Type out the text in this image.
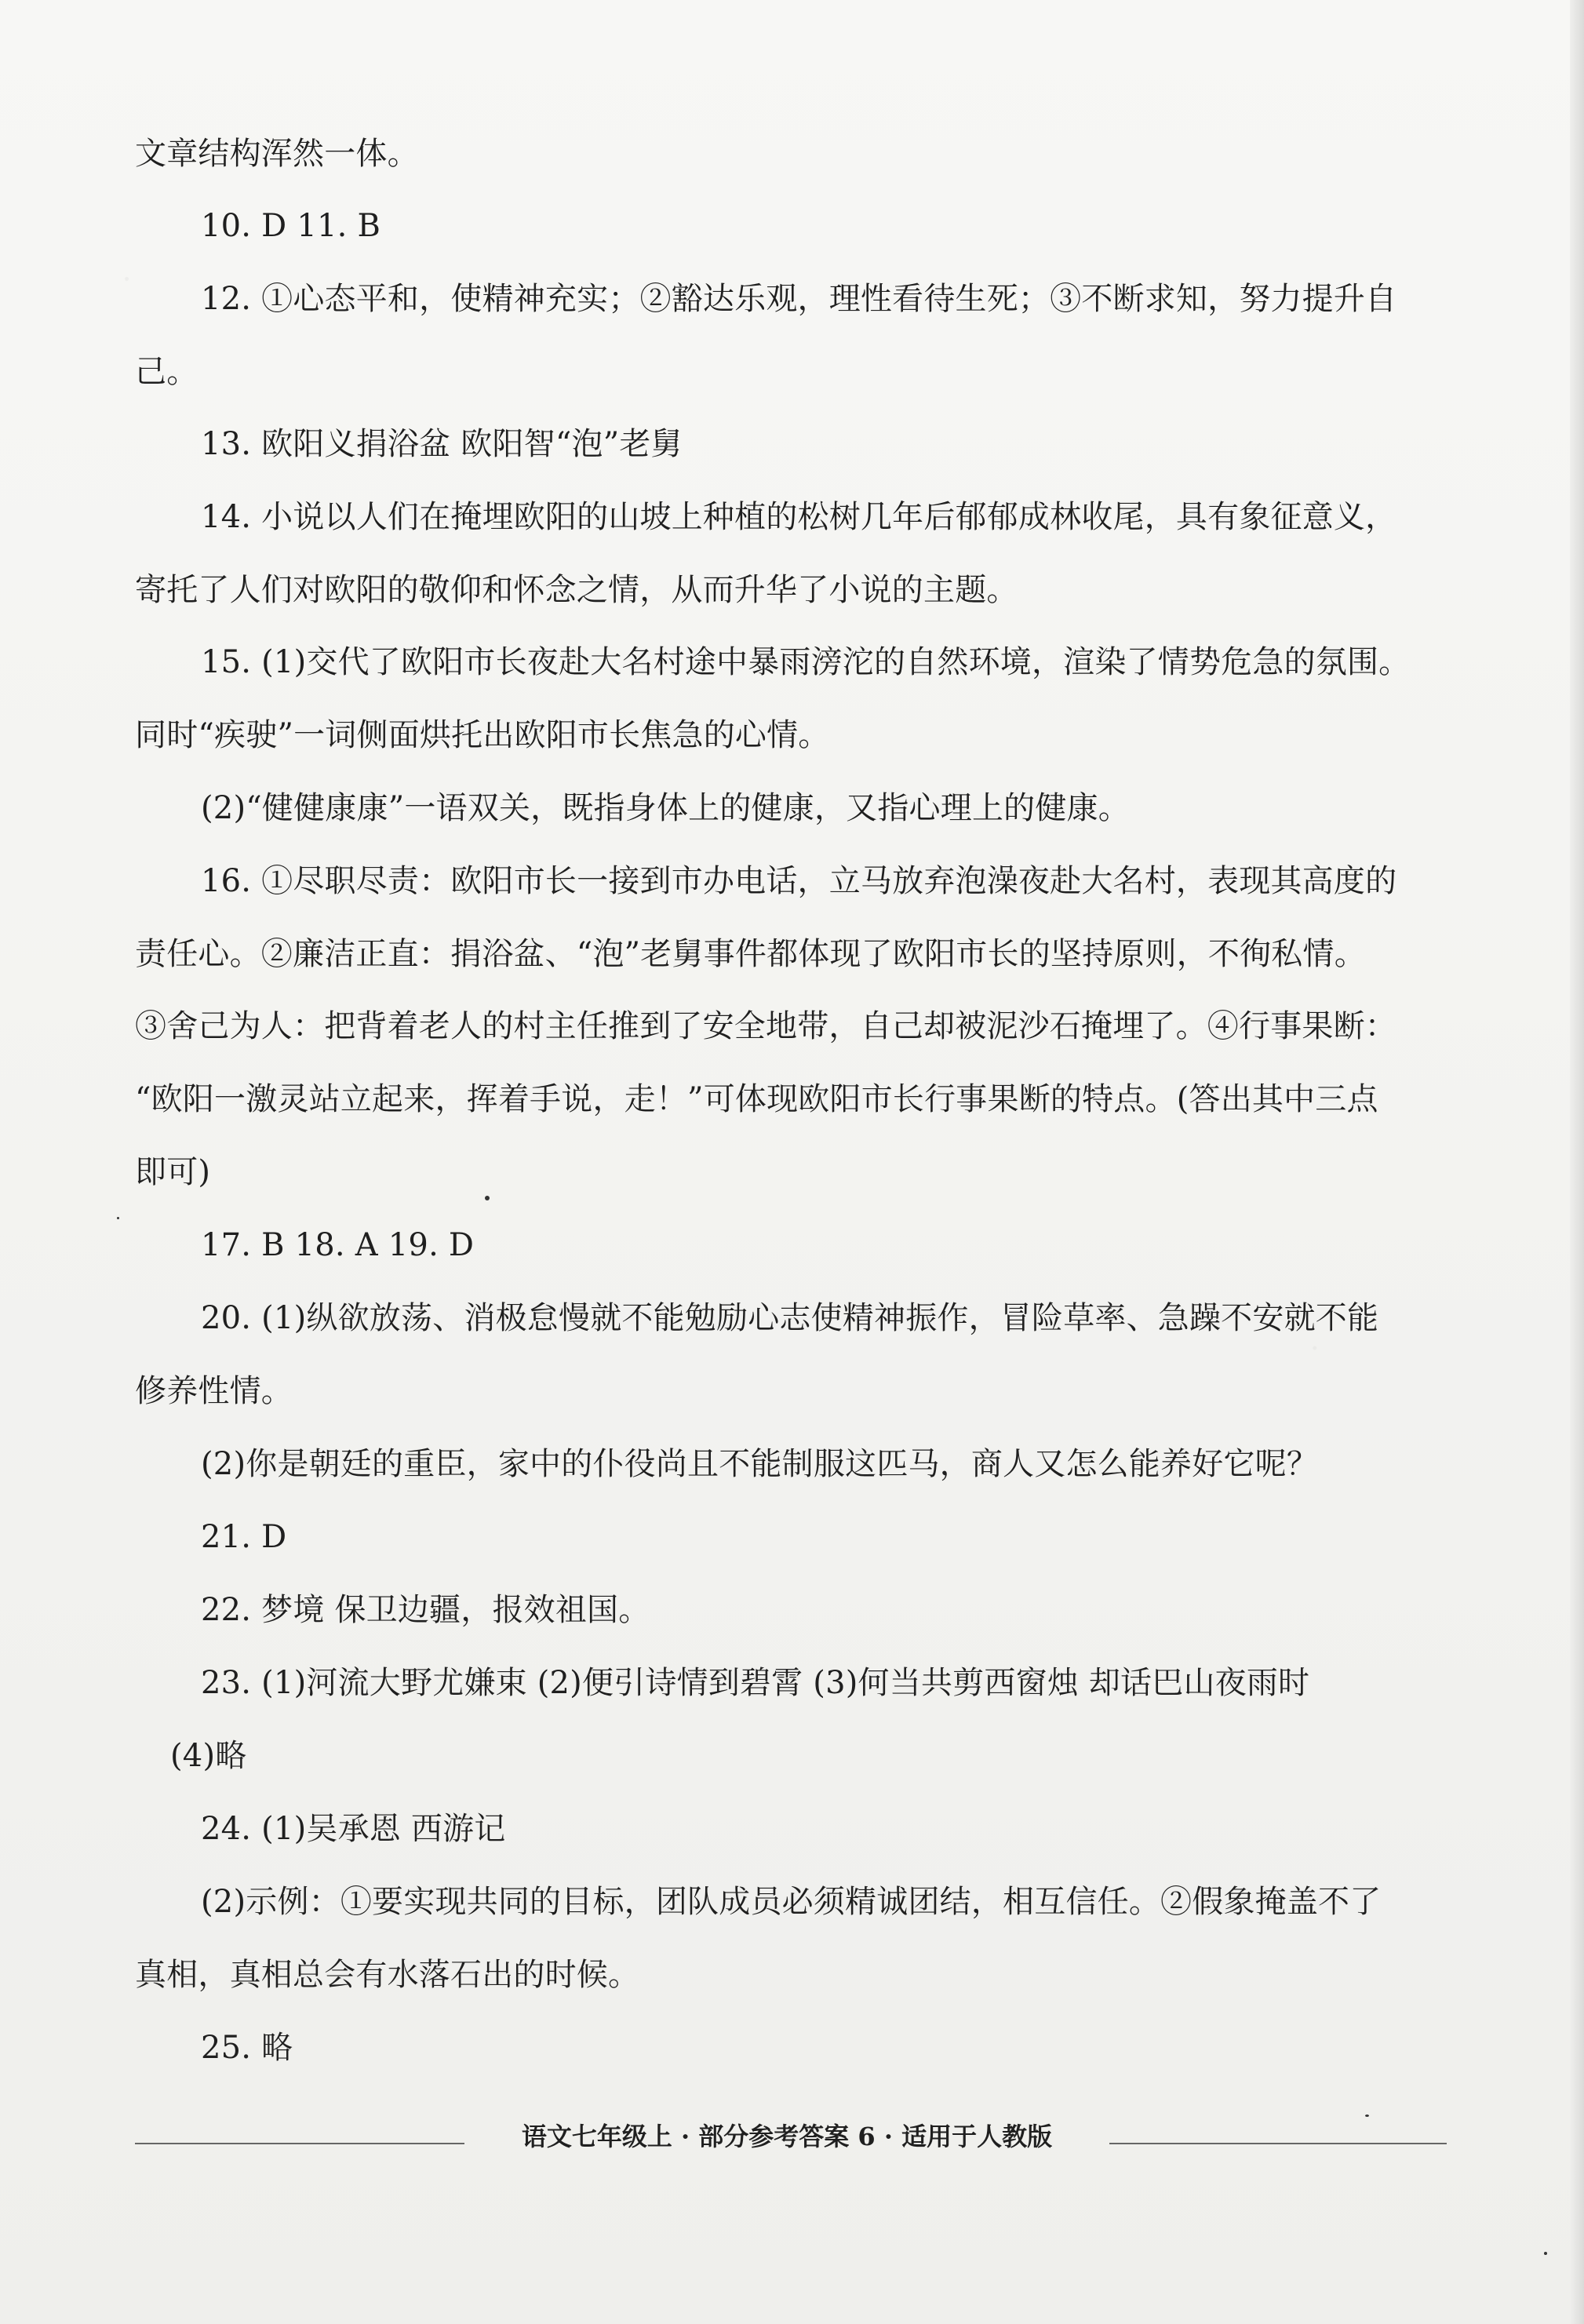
文章结构浑然一体。
10. D 11. B
12. ①心态平和，使精神充实；②豁达乐观，理性看待生死；③不断求知，努力提升自
己。
13. 欧阳义捐浴盆 欧阳智“泡”老舅
14. 小说以人们在掩埋欧阳的山坡上种植的松树几年后郁郁成林收尾，具有象征意义，
寄托了人们对欧阳的敬仰和怀念之情，从而升华了小说的主题。
15. (1)交代了欧阳市长夜赴大名村途中暴雨滂沱的自然环境，渲染了情势危急的氛围。
同时“疾驶”一词侧面烘托出欧阳市长焦急的心情。
(2)“健健康康”一语双关，既指身体上的健康，又指心理上的健康。
16. ①尽职尽责：欧阳市长一接到市办电话，立马放弃泡澡夜赴大名村，表现其高度的
责任心。②廉洁正直：捐浴盆、“泡”老舅事件都体现了欧阳市长的坚持原则，不徇私情。
③舍己为人：把背着老人的村主任推到了安全地带，自己却被泥沙石掩埋了。④行事果断：
“欧阳一激灵站立起来，挥着手说，走！”可体现欧阳市长行事果断的特点。(答出其中三点
即可)
17. B 18. A 19. D
20. (1)纵欲放荡、消极怠慢就不能勉励心志使精神振作，冒险草率、急躁不安就不能
修养性情。
(2)你是朝廷的重臣，家中的仆役尚且不能制服这匹马，商人又怎么能养好它呢？
21. D
22. 梦境 保卫边疆，报效祖国。
23. (1)河流大野尤嫌束 (2)便引诗情到碧霄 (3)何当共剪西窗烛 却话巴山夜雨时
(4)略
24. (1)吴承恩 西游记
(2)示例：①要实现共同的目标，团队成员必须精诚团结，相互信任。②假象掩盖不了
真相，真相总会有水落石出的时候。
25. 略
语文七年级上 · 部分参考答案 6 · 适用于人教版
